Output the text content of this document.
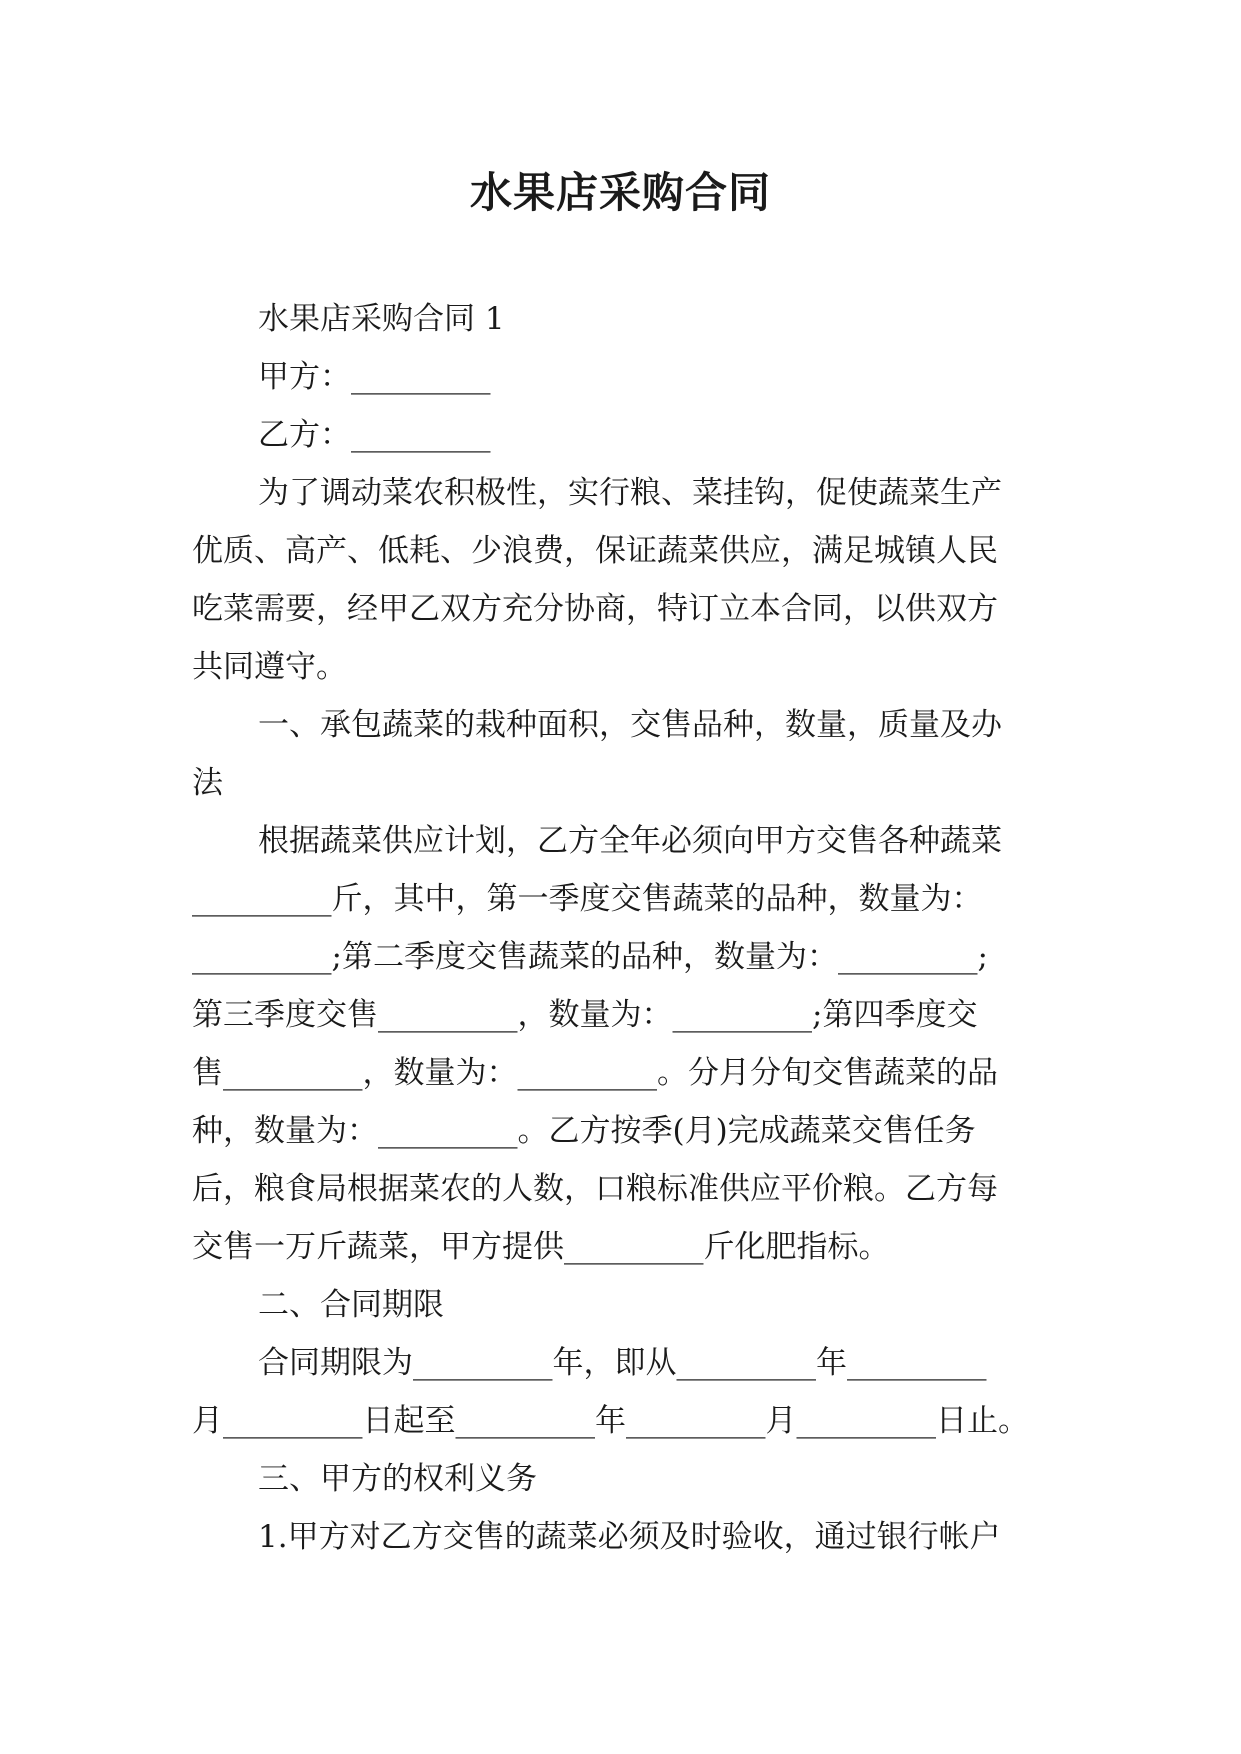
水果店采购合同
水果店采购合同 1
甲方：_________
乙方：_________
为了调动菜农积极性，实行粮、菜挂钩，促使蔬菜生产
优质、高产、低耗、少浪费，保证蔬菜供应，满足城镇人民
吃菜需要，经甲乙双方充分协商，特订立本合同，以供双方
共同遵守。
一、承包蔬菜的栽种面积，交售品种，数量，质量及办
法
根据蔬菜供应计划，乙方全年必须向甲方交售各种蔬菜
_________斤，其中，第一季度交售蔬菜的品种，数量为：
_________;第二季度交售蔬菜的品种，数量为：_________;
第三季度交售_________，数量为：_________;第四季度交
售_________，数量为：_________。分月分旬交售蔬菜的品
种，数量为：_________。乙方按季(月)完成蔬菜交售任务
后，粮食局根据菜农的人数，口粮标准供应平价粮。乙方每
交售一万斤蔬菜，甲方提供_________斤化肥指标。
二、合同期限
合同期限为_________年，即从_________年_________
月_________日起至_________年_________月_________日止。
三、甲方的权利义务
1.甲方对乙方交售的蔬菜必须及时验收，通过银行帐户
